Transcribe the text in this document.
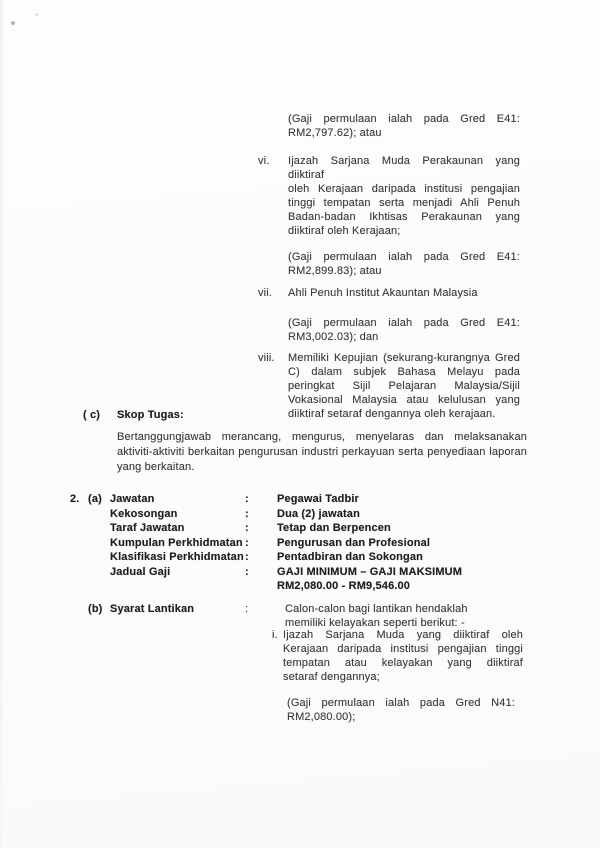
(Gaji permulaan ialah pada Gred E41:
RM2,797.62); atau
vi.	Ijazah Sarjana Muda Perakaunan yang diiktiraf
oleh Kerajaan daripada institusi pengajian
tinggi tempatan serta menjadi Ahli Penuh
Badan-badan Ikhtisas Perakaunan yang
diiktiraf oleh Kerajaan;
(Gaji permulaan ialah pada Gred E41:
RM2,899.83); atau
vii.	Ahli Penuh Institut Akauntan Malaysia
(Gaji permulaan ialah pada Gred E41:
RM3,002.03); dan
viii.	Memiliki Kepujian (sekurang-kurangnya Gred
C) dalam subjek Bahasa Melayu pada
peringkat Sijil Pelajaran Malaysia/Sijil
Vokasional Malaysia atau kelulusan yang
diiktiraf setaraf dengannya oleh kerajaan.
( c)	Skop Tugas:
Bertanggungjawab merancang, mengurus, menyelaras dan melaksanakan
aktiviti-aktiviti berkaitan pengurusan industri perkayuan serta penyediaan laporan
yang berkaitan.
2. (a) Jawatan	:	Pegawai Tadbir
Kekosongan	:	Dua (2) jawatan
Taraf Jawatan	:	Tetap dan Berpencen
Kumpulan Perkhidmatan :	Pengurusan dan Profesional
Klasifikasi Perkhidmatan :	Pentadbiran dan Sokongan
Jadual Gaji	:	GAJI MINIMUM – GAJI MAKSIMUM
RM2,080.00 - RM9,546.00
(b) Syarat Lantikan	:	Calon-calon bagi lantikan hendaklah
memiliki kelayakan seperti berikut: -
i. Ijazah Sarjana Muda yang diiktiraf oleh
Kerajaan daripada institusi pengajian tinggi
tempatan atau kelayakan yang diiktiraf
setaraf dengannya;
(Gaji permulaan ialah pada Gred N41:
RM2,080.00);
